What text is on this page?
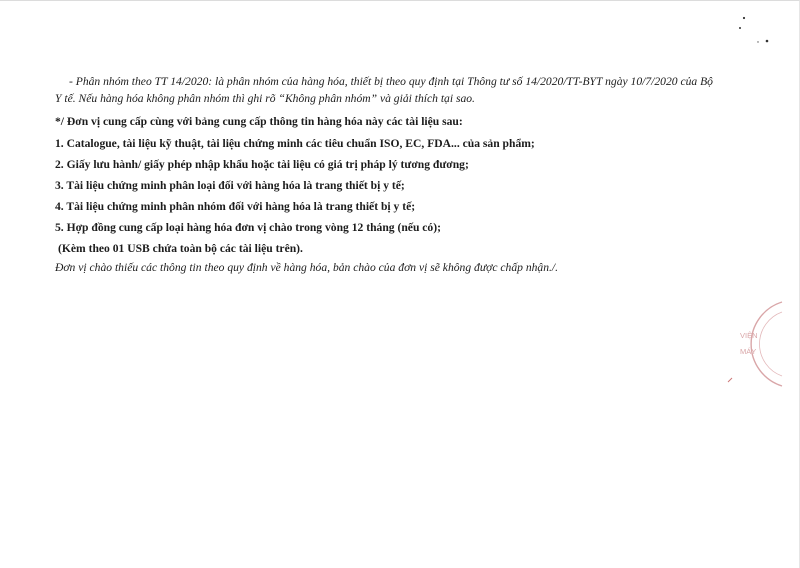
- Phân nhóm theo TT 14/2020: là phân nhóm của hàng hóa, thiết bị theo quy định tại Thông tư số 14/2020/TT-BYT ngày 10/7/2020 của Bộ

Y tế. Nếu hàng hóa không phân nhóm thì ghi rõ “Không phân nhóm” và giải thích tại sao.

*/ Đơn vị cung cấp cùng với bảng cung cấp thông tin hàng hóa này các tài liệu sau:

1. Catalogue, tài liệu kỹ thuật, tài liệu chứng minh các tiêu chuẩn ISO, EC, FDA... của sản phẩm;

2. Giấy lưu hành/ giấy phép nhập khẩu hoặc tài liệu có giá trị pháp lý tương đương;

3. Tài liệu chứng minh phân loại đối với hàng hóa là trang thiết bị y tế;

4. Tài liệu chứng minh phân nhóm đối với hàng hóa là trang thiết bị y tế;

5. Hợp đồng cung cấp loại hàng hóa đơn vị chào trong vòng 12 tháng (nếu có);

(Kèm theo 01 USB chứa toàn bộ các tài liệu trên).

Đơn vị chào thiếu các thông tin theo quy định về hàng hóa, bản chào của đơn vị sẽ không được chấp nhận./.

VIỆN
MÁY
